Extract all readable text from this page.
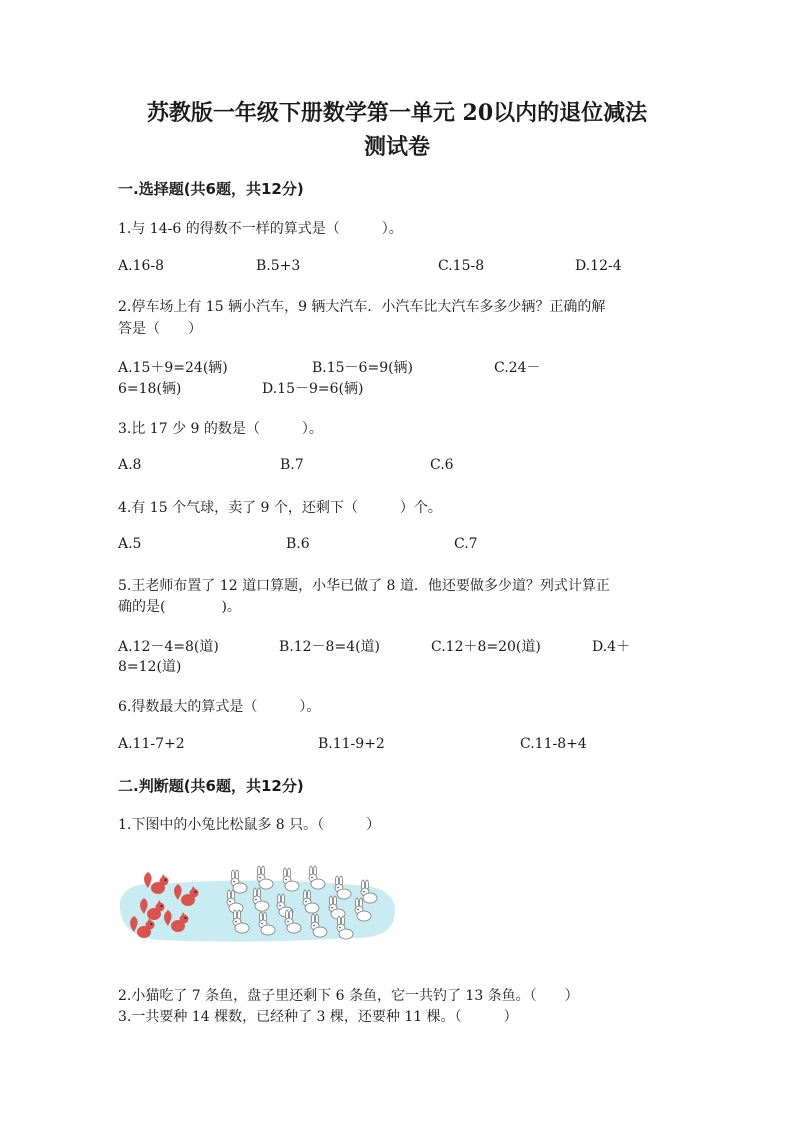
苏教版一年级下册数学第一单元 20以内的退位减法
测试卷
一.选择题(共6题，共12分)
1.与 14-6 的得数不一样的算式是（　　　）。
A.16-8	B.5+3	C.15-8	D.12-4
2.停车场上有 15 辆小汽车，9 辆大汽车．小汽车比大汽车多多少辆？正确的解
答是（　　）
A.15＋9=24(辆)	B.15－6=9(辆)	C.24－
6=18(辆)	D.15－9=6(辆)
3.比 17 少 9 的数是（　　　）。
A.8	B.7	C.6
4.有 15 个气球，卖了 9 个，还剩下（　　　）个。
A.5	B.6	C.7
5.王老师布置了 12 道口算题，小华已做了 8 道．他还要做多少道？列式计算正
确的是(　　　　)。
A.12－4=8(道)	B.12－8=4(道)	C.12＋8=20(道)	D.4＋
8=12(道)
6.得数最大的算式是（　　　）。
A.11-7+2	B.11-9+2	C.11-8+4
二.判断题(共6题，共12分)
1.下图中的小兔比松鼠多 8 只。（　　　）
2.小猫吃了 7 条鱼，盘子里还剩下 6 条鱼，它一共钓了 13 条鱼。（　　）
3.一共要种 14 棵数，已经种了 3 棵，还要种 11 棵。（　　　）
